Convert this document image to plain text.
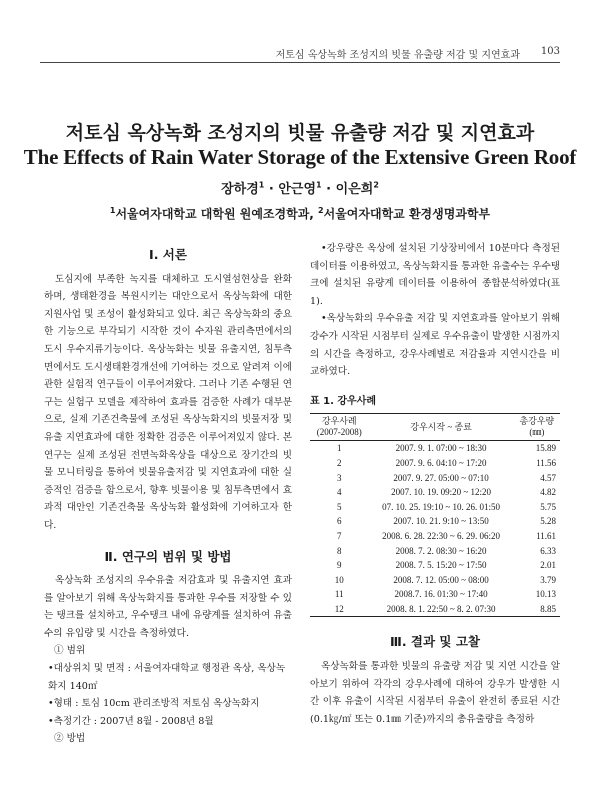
저토심 옥상녹화 조성지의 빗물 유출량 저감 및 지연효과 103
저토심 옥상녹화 조성지의 빗물 유출량 저감 및 지연효과
The Effects of Rain Water Storage of the Extensive Green Roof
장하경$^1$ · 안근영$^1$ · 이은희$^2$
$^1$서울여자대학교 대학원 원예조경학과, $^2$서울여자대학교 환경생명과학부

Ⅰ. 서론

도심지에 부족한 녹지를 대체하고 도시열섬현상을 완화하며, 생태환경을 복원시키는 대안으로서 옥상녹화에 대한 지원사업 및 조성이 활성화되고 있다. 최근 옥상녹화의 중요한 기능으로 부각되기 시작한 것이 수자원 관리측면에서의 도시 우수지류기능이다. 옥상녹화는 빗물 유출지연, 침투측면에서도 도시생태환경개선에 기여하는 것으로 알려져 이에 관한 실험적 연구들이 이루어져왔다. 그러나 기존 수행된 연구는 실험구 모델을 제작하여 효과를 검증한 사례가 대부분으로, 실제 기존건축물에 조성된 옥상녹화지의 빗물저장 및 유출 지연효과에 대한 정확한 검증은 이루어져있지 않다. 본 연구는 실제 조성된 전면녹화옥상을 대상으로 장기간의 빗물 모니터링을 통하여 빗물유출저감 및 지연효과에 대한 실증적인 검증을 함으로서, 향후 빗물이용 및 침투측면에서 효과적 대안인 기존건축물 옥상녹화 활성화에 기여하고자 한다.

Ⅱ. 연구의 범위 및 방법

옥상녹화 조성지의 우수유출 저감효과 및 유출지연 효과를 알아보기 위해 옥상녹화지를 통과한 우수를 저장할 수 있는 탱크를 설치하고, 우수탱크 내에 유량계를 설치하여 유출수의 유입량 및 시간을 측정하였다.

① 범위

•대상위치 및 면적 : 서울여자대학교 행정관 옥상, 옥상녹화지 140㎡

•형태 : 토심 10cm 관리조방적 저토심 옥상녹화지

•측정기간 : 2007년 8월 - 2008년 8월

② 방법

•강우량은 옥상에 설치된 기상장비에서 10분마다 측정된 데이터를 이용하였고, 옥상녹화지를 통과한 유출수는 우수탱크에 설치된 유량계 데이터를 이용하여 종합분석하였다(표 1).

•옥상녹화의 우수유출 저감 및 지연효과를 알아보기 위해 강수가 시작된 시점부터 실제로 우수유출이 발생한 시점까지의 시간을 측정하고, 강우사례별로 저감율과 지연시간을 비교하였다.

표 1. 강우사례
강우사례
(2007-2008)	강우시작 ~ 종료	총강우량
(㎜)
1	2007. 9. 1. 07:00 ~ 18:30	15.89
2	2007. 9. 6. 04:10 ~ 17:20	11.56
3	2007. 9. 27. 05:00 ~ 07:10	4.57
4	2007. 10. 19. 09:20 ~ 12:20	4.82
5	07. 10. 25. 19:10 ~ 10. 26. 01:50	5.75
6	2007. 10. 21. 9:10 ~ 13:50	5.28
7	2008. 6. 28. 22:30 ~ 6. 29. 06:20	11.61
8	2008. 7. 2. 08:30 ~ 16:20	6.33
9	2008. 7. 5. 15:20 ~ 17:50	2.01
10	2008. 7. 12. 05:00 ~ 08:00	3.79
11	2008.7. 16. 01:30 ~ 17:40	10.13
12	2008. 8. 1. 22:50 ~ 8. 2. 07:30	8.85

Ⅲ. 결과 및 고찰

옥상녹화를 통과한 빗물의 유출량 저감 및 지연 시간을 알아보기 위하여 각각의 강우사례에 대하여 강우가 발생한 시간 이후 유출이 시작된 시점부터 유출이 완전히 종료된 시간(0.1㎏/㎡ 또는 0.1㎜ 기준)까지의 총유출량을 측정하
